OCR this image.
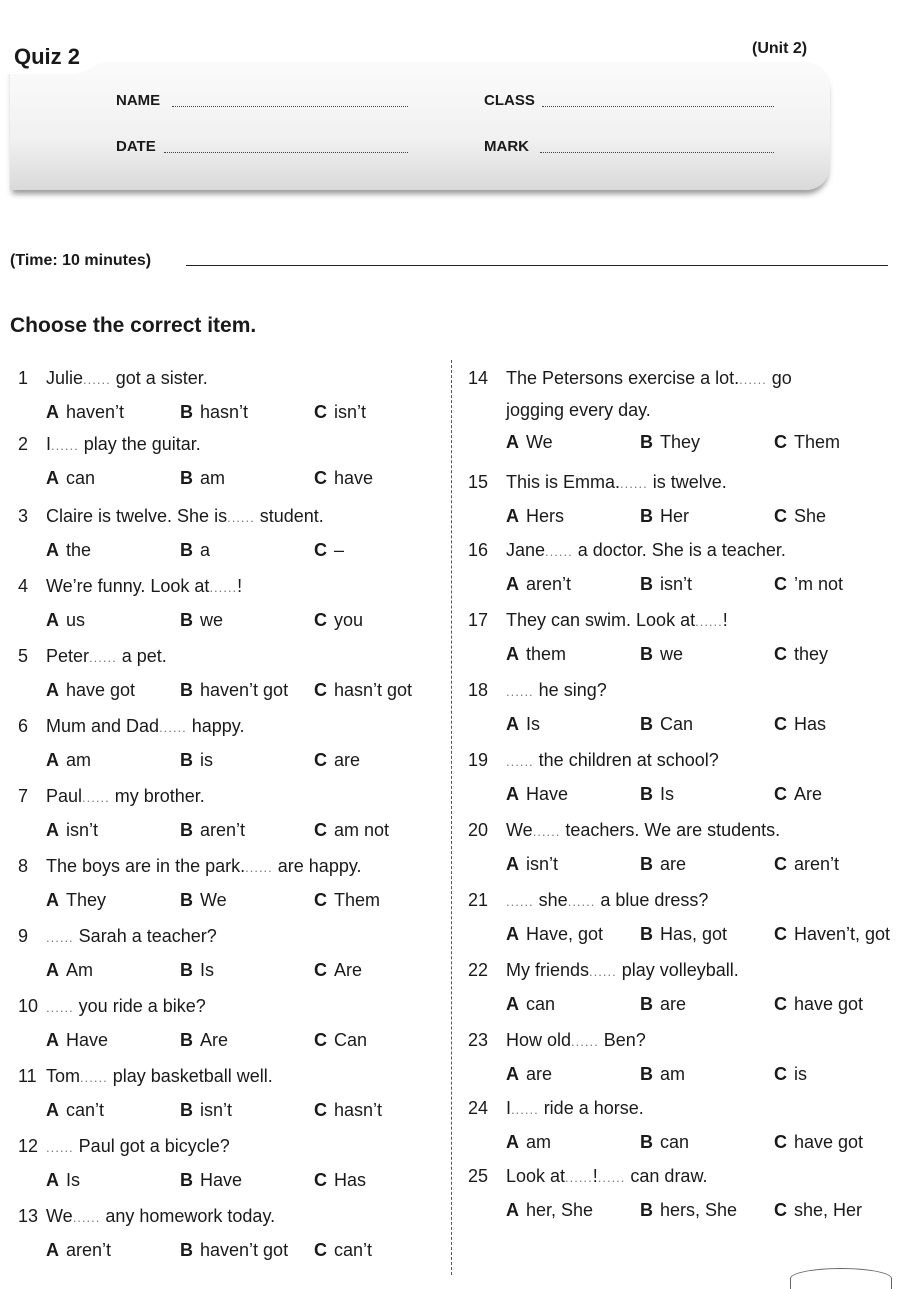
Quiz 2	(Unit 2)
NAME	CLASS
DATE	MARK
(Time: 10 minutes)
Choose the correct item.
1 Julie...... got a sister.
A haven’t	B hasn’t	C isn’t
2 I...... play the guitar.
A can	B am	C have
3 Claire is twelve. She is...... student.
A the	B a	C –
4 We’re funny. Look at......!
A us	B we	C you
5 Peter...... a pet.
A have got B haven’t got C hasn’t got
6 Mum and Dad...... happy.
A am	B is	C are
7 Paul...... my brother.
A isn’t	B aren’t	C am not
8 The boys are in the park....... are happy.
A They	B We	C Them
9 ...... Sarah a teacher?
A Am	B Is	C Are
10 ...... you ride a bike?
A Have	B Are	C Can
11 Tom...... play basketball well.
A can’t	B isn’t	C hasn’t
12 ...... Paul got a bicycle?
A Is	B Have	C Has
13 We...... any homework today.
A aren’t	B haven’t got C can’t
14 The Petersons exercise a lot....... go
jogging every day.
A We	B They	C Them
15 This is Emma....... is twelve.
A Hers	B Her	C She
16 Jane...... a doctor. She is a teacher.
A aren’t	B isn’t	C ’m not
17 They can swim. Look at......!
A them	B we	C they
18 ...... he sing?
A Is	B Can	C Has
19 ...... the children at school?
A Have	B Is	C Are
20 We...... teachers. We are students.
A isn’t	B are	C aren’t
21 ...... she...... a blue dress?
A Have, got B Has, got	C Haven’t, got
22 My friends...... play volleyball.
A can	B are	C have got
23 How old...... Ben?
A are	B am	C is
24 I...... ride a horse.
A am	B can	C have got
25 Look at......!...... can draw.
A her, She	B hers, She C she, Her
